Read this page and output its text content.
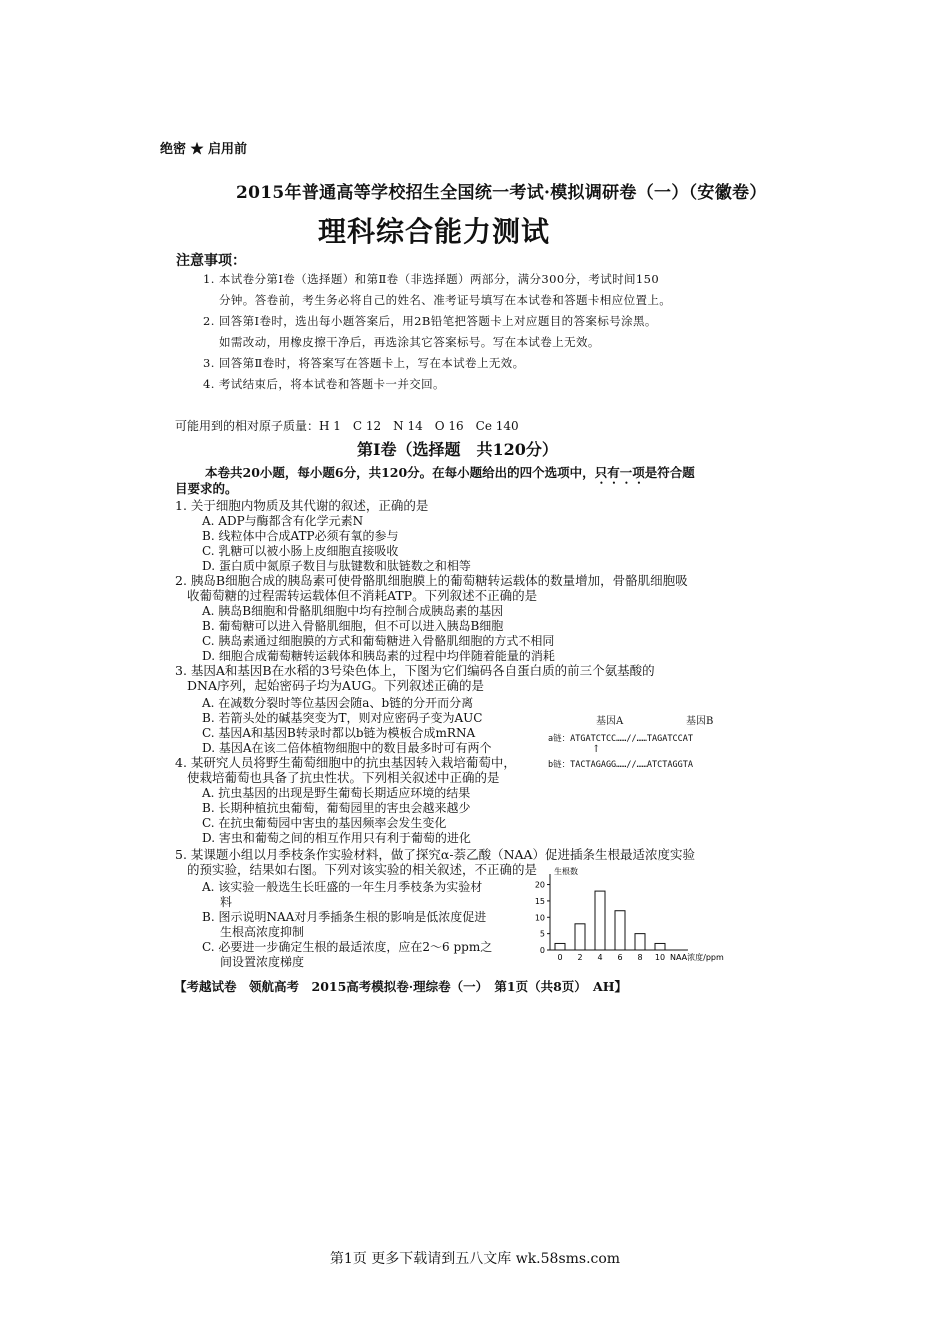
绝密 ★ 启用前
2015年普通高等学校招生全国统一考试·模拟调研卷（一）（安徽卷）
理科综合能力测试
注意事项：
1. 本试卷分第Ⅰ卷（选择题）和第Ⅱ卷（非选择题）两部分，满分300分，考试时间150
分钟。答卷前，考生务必将自己的姓名、准考证号填写在本试卷和答题卡相应位置上。
2. 回答第Ⅰ卷时，选出每小题答案后，用2B铅笔把答题卡上对应题目的答案标号涂黑。
如需改动，用橡皮擦干净后，再选涂其它答案标号。写在本试卷上无效。
3. 回答第Ⅱ卷时，将答案写在答题卡上，写在本试卷上无效。
4. 考试结束后，将本试卷和答题卡一并交回。
可能用到的相对原子质量：H 1　C 12　N 14　O 16　Ce 140
第Ⅰ卷（选择题　共120分）
本卷共20小题，每小题6分，共120分。在每小题给出的四个选项中，只有一项是符合题
目要求的。
1. 关于细胞内物质及其代谢的叙述，正确的是
A. ADP与酶都含有化学元素N
B. 线粒体中合成ATP必须有氧的参与
C. 乳糖可以被小肠上皮细胞直接吸收
D. 蛋白质中氮原子数目与肽键数和肽链数之和相等
2. 胰岛B细胞合成的胰岛素可使骨骼肌细胞膜上的葡萄糖转运载体的数量增加，骨骼肌细胞吸
收葡萄糖的过程需转运载体但不消耗ATP。下列叙述不正确的是
A. 胰岛B细胞和骨骼肌细胞中均有控制合成胰岛素的基因
B. 葡萄糖可以进入骨骼肌细胞，但不可以进入胰岛B细胞
C. 胰岛素通过细胞膜的方式和葡萄糖进入骨骼肌细胞的方式不相同
D. 细胞合成葡萄糖转运载体和胰岛素的过程中均伴随着能量的消耗
3. 基因A和基因B在水稻的3号染色体上，下图为它们编码各自蛋白质的前三个氨基酸的
DNA序列，起始密码子均为AUG。下列叙述正确的是
A. 在减数分裂时等位基因会随a、b链的分开而分离
B. 若箭头处的碱基突变为T，则对应密码子变为AUC
C. 基因A和基因B转录时都以b链为模板合成mRNA
D. 基因A在该二倍体植物细胞中的数目最多时可有两个
基因A	基因B
a链：ATGATCTCC……//……TAGATCCAT
b链：TACTAGAGG……//……ATCTAGGTA
↑
4. 某研究人员将野生葡萄细胞中的抗虫基因转入栽培葡萄中，
使栽培葡萄也具备了抗虫性状。下列相关叙述中正确的是
A. 抗虫基因的出现是野生葡萄长期适应环境的结果
B. 长期种植抗虫葡萄，葡萄园里的害虫会越来越少
C. 在抗虫葡萄园中害虫的基因频率会发生变化
D. 害虫和葡萄之间的相互作用只有利于葡萄的进化
5. 某课题小组以月季枝条作实验材料，做了探究α-萘乙酸（NAA）促进插条生根最适浓度实验
的预实验，结果如右图。下列对该实验的相关叙述，不正确的是
A. 该实验一般选生长旺盛的一年生月季枝条为实验材
料
B. 图示说明NAA对月季插条生根的影响是低浓度促进
生根高浓度抑制
C. 必要进一步确定生根的最适浓度，应在2～6 ppm之
间设置浓度梯度
生根数
NAA浓度/ppm
0
5
10
15
20
0 2 4 6 8 10
【考越试卷　领航高考　2015高考模拟卷·理综卷（一）　第1页（共8页）　AH】
第1页 更多下载请到五八文库 wk.58sms.com
